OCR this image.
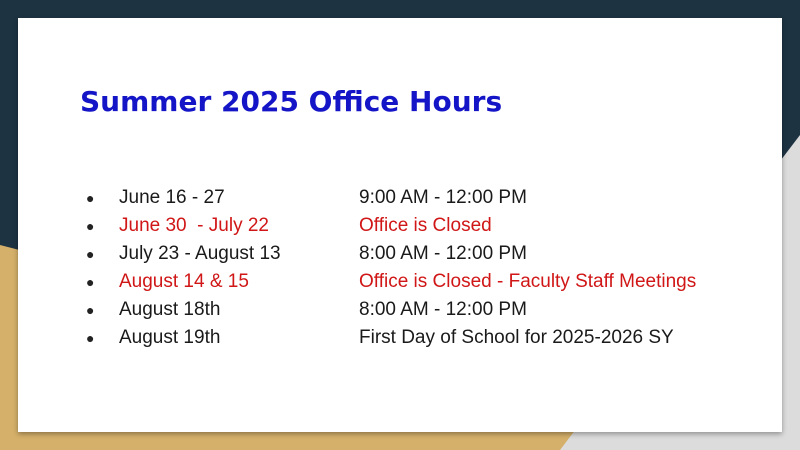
Summer 2025 Office Hours
● June 16 - 27	9:00 AM - 12:00 PM
● June 30  - July 22	Office is Closed
● July 23 - August 13	8:00 AM - 12:00 PM
● August 14 & 15	Office is Closed - Faculty Staff Meetings
● August 18th	8:00 AM - 12:00 PM
● August 19th	First Day of School for 2025-2026 SY
